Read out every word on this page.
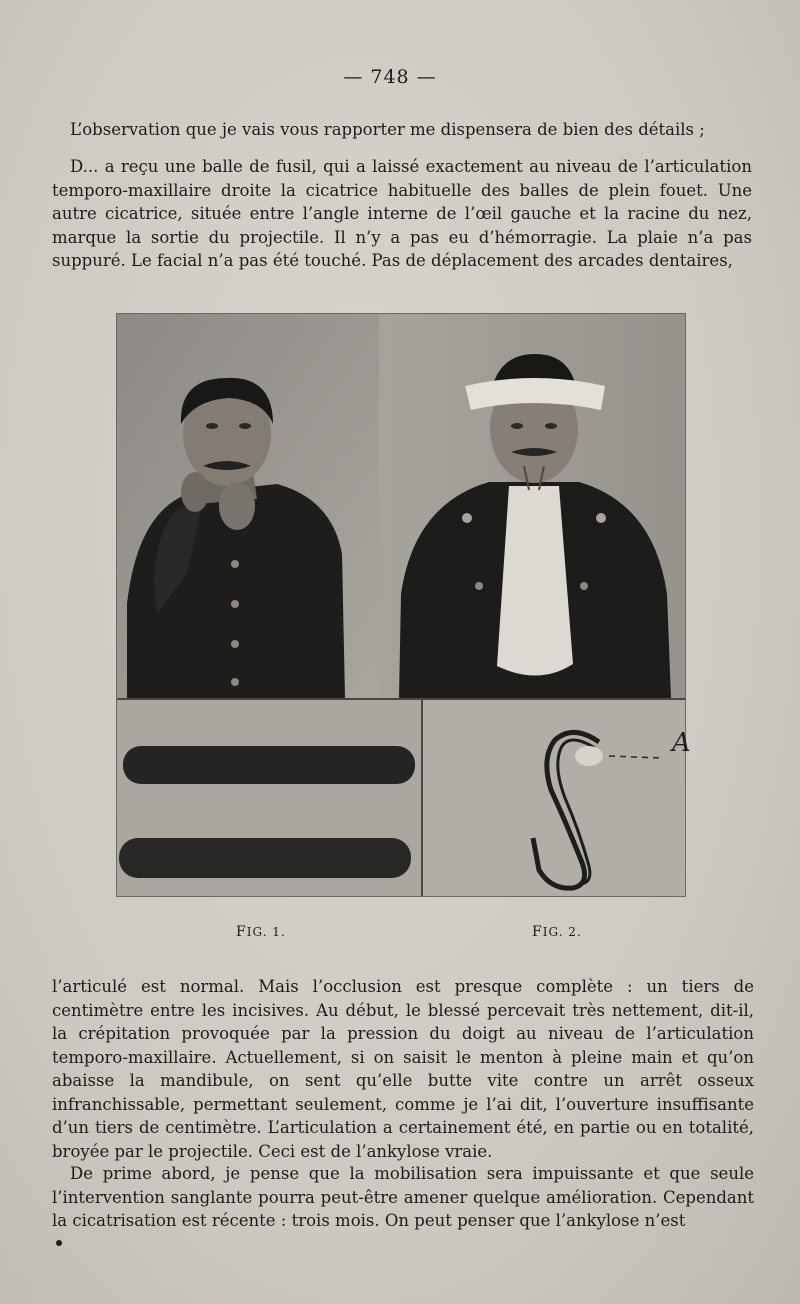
— 748 —

L’observation que je vais vous rapporter me dispensera de bien des détails ;

D... a reçu une balle de fusil, qui a laissé exactement au niveau de l’articulation temporo-maxillaire droite la cicatrice habituelle des balles de plein fouet. Une autre cicatrice, située entre l’angle interne de l’œil gauche et la racine du nez, marque la sortie du projectile. Il n’y a pas eu d’hémorragie. La plaie n’a pas suppuré. Le facial n’a pas été touché. Pas de déplacement des arcades dentaires,

A
FIG. 1.	FIG. 2.

l’articulé est normal. Mais l’occlusion est presque complète : un tiers de centimètre entre les incisives. Au début, le blessé percevait très nettement, dit-il, la crépitation provoquée par la pression du doigt au niveau de l’articulation temporo-maxillaire. Actuellement, si on saisit le menton à pleine main et qu’on abaisse la mandibule, on sent qu’elle butte vite contre un arrêt osseux infranchissable, permettant seulement, comme je l’ai dit, l’ouverture insuffisante d’un tiers de centimètre. L’articulation a certainement été, en partie ou en totalité, broyée par le projectile. Ceci est de l’ankylose vraie.

De prime abord, je pense que la mobilisation sera impuissante et que seule l’intervention sanglante pourra peut-être amener quelque amélioration. Cependant la cicatrisation est récente : trois mois. On peut penser que l’ankylose n’est
